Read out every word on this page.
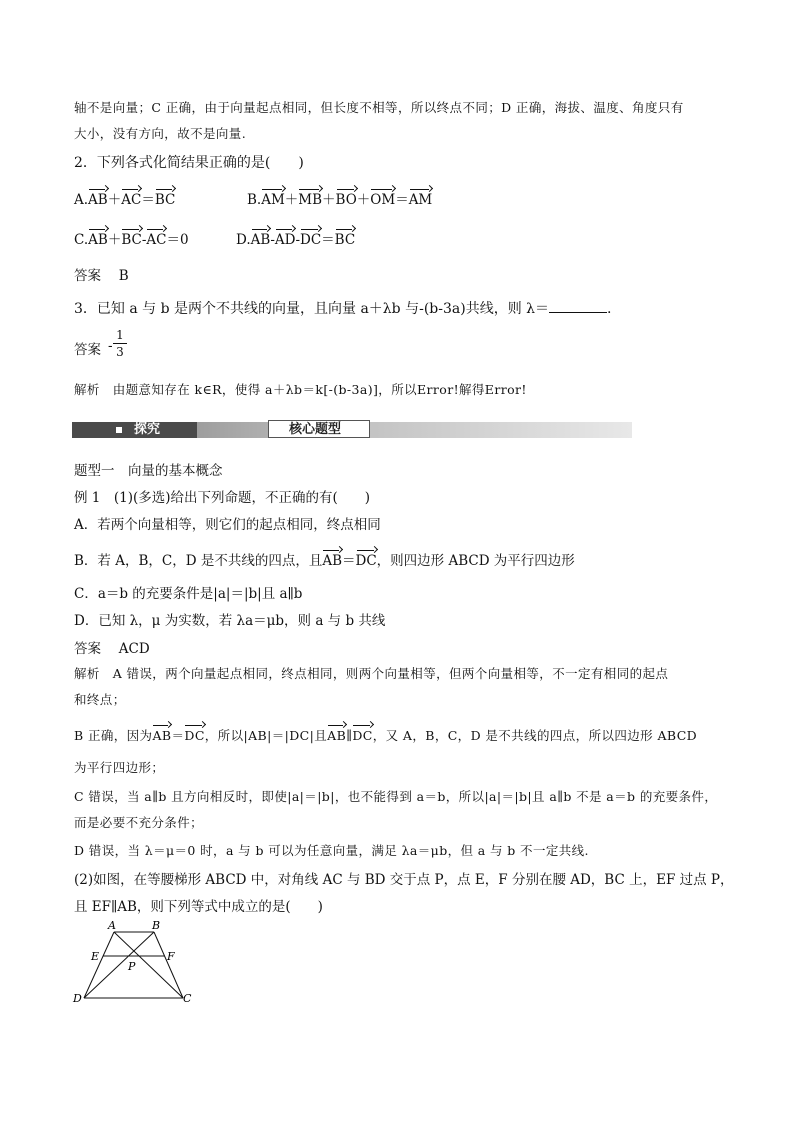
轴不是向量；C 正确，由于向量起点相同，但长度不相等，所以终点不同；D 正确，海拔、温度、角度只有
大小，没有方向，故不是向量.
2．下列各式化简结果正确的是(　　)
A.AB＋AC＝BC	B.AM＋MB＋BO＋OM＝AM
C.AB＋BC-AC＝0	D.AB-AD-DC＝BC
答案　 B
3．已知 a 与 b 是两个不共线的向量，且向量 a＋λb 与-(b-3a)共线，则 λ＝	.
答案 -
1
3
解析　由题意知存在 k∈R，使得 a＋λb＝k[-(b-3a)]，所以Error!解得Error!
探究	核心题型
题型一　向量的基本概念
例 1　(1)(多选)给出下列命题，不正确的有(　　)
A．若两个向量相等，则它们的起点相同，终点相同
B．若 A，B，C，D 是不共线的四点，且AB＝DC，则四边形 ABCD 为平行四边形
C．a＝b 的充要条件是|a|＝|b|且 a∥b
D．已知 λ，μ 为实数，若 λa＝μb，则 a 与 b 共线
答案　 ACD
解析　A 错误，两个向量起点相同，终点相同，则两个向量相等，但两个向量相等，不一定有相同的起点
和终点；
B 正确，因为AB＝DC，所以|AB|＝|DC|且AB∥DC，又 A，B，C，D 是不共线的四点，所以四边形 ABCD
为平行四边形；
C 错误，当 a∥b 且方向相反时，即使|a|＝|b|，也不能得到 a＝b，所以|a|＝|b|且 a∥b 不是 a＝b 的充要条件，
而是必要不充分条件；
D 错误，当 λ＝μ＝0 时，a 与 b 可以为任意向量，满足 λa＝μb，但 a 与 b 不一定共线.
(2)如图，在等腰梯形 ABCD 中，对角线 AC 与 BD 交于点 P，点 E，F 分别在腰 AD，BC 上，EF 过点 P，
且 EF∥AB，则下列等式中成立的是(　　)
A	B
E	F
P
D	C
